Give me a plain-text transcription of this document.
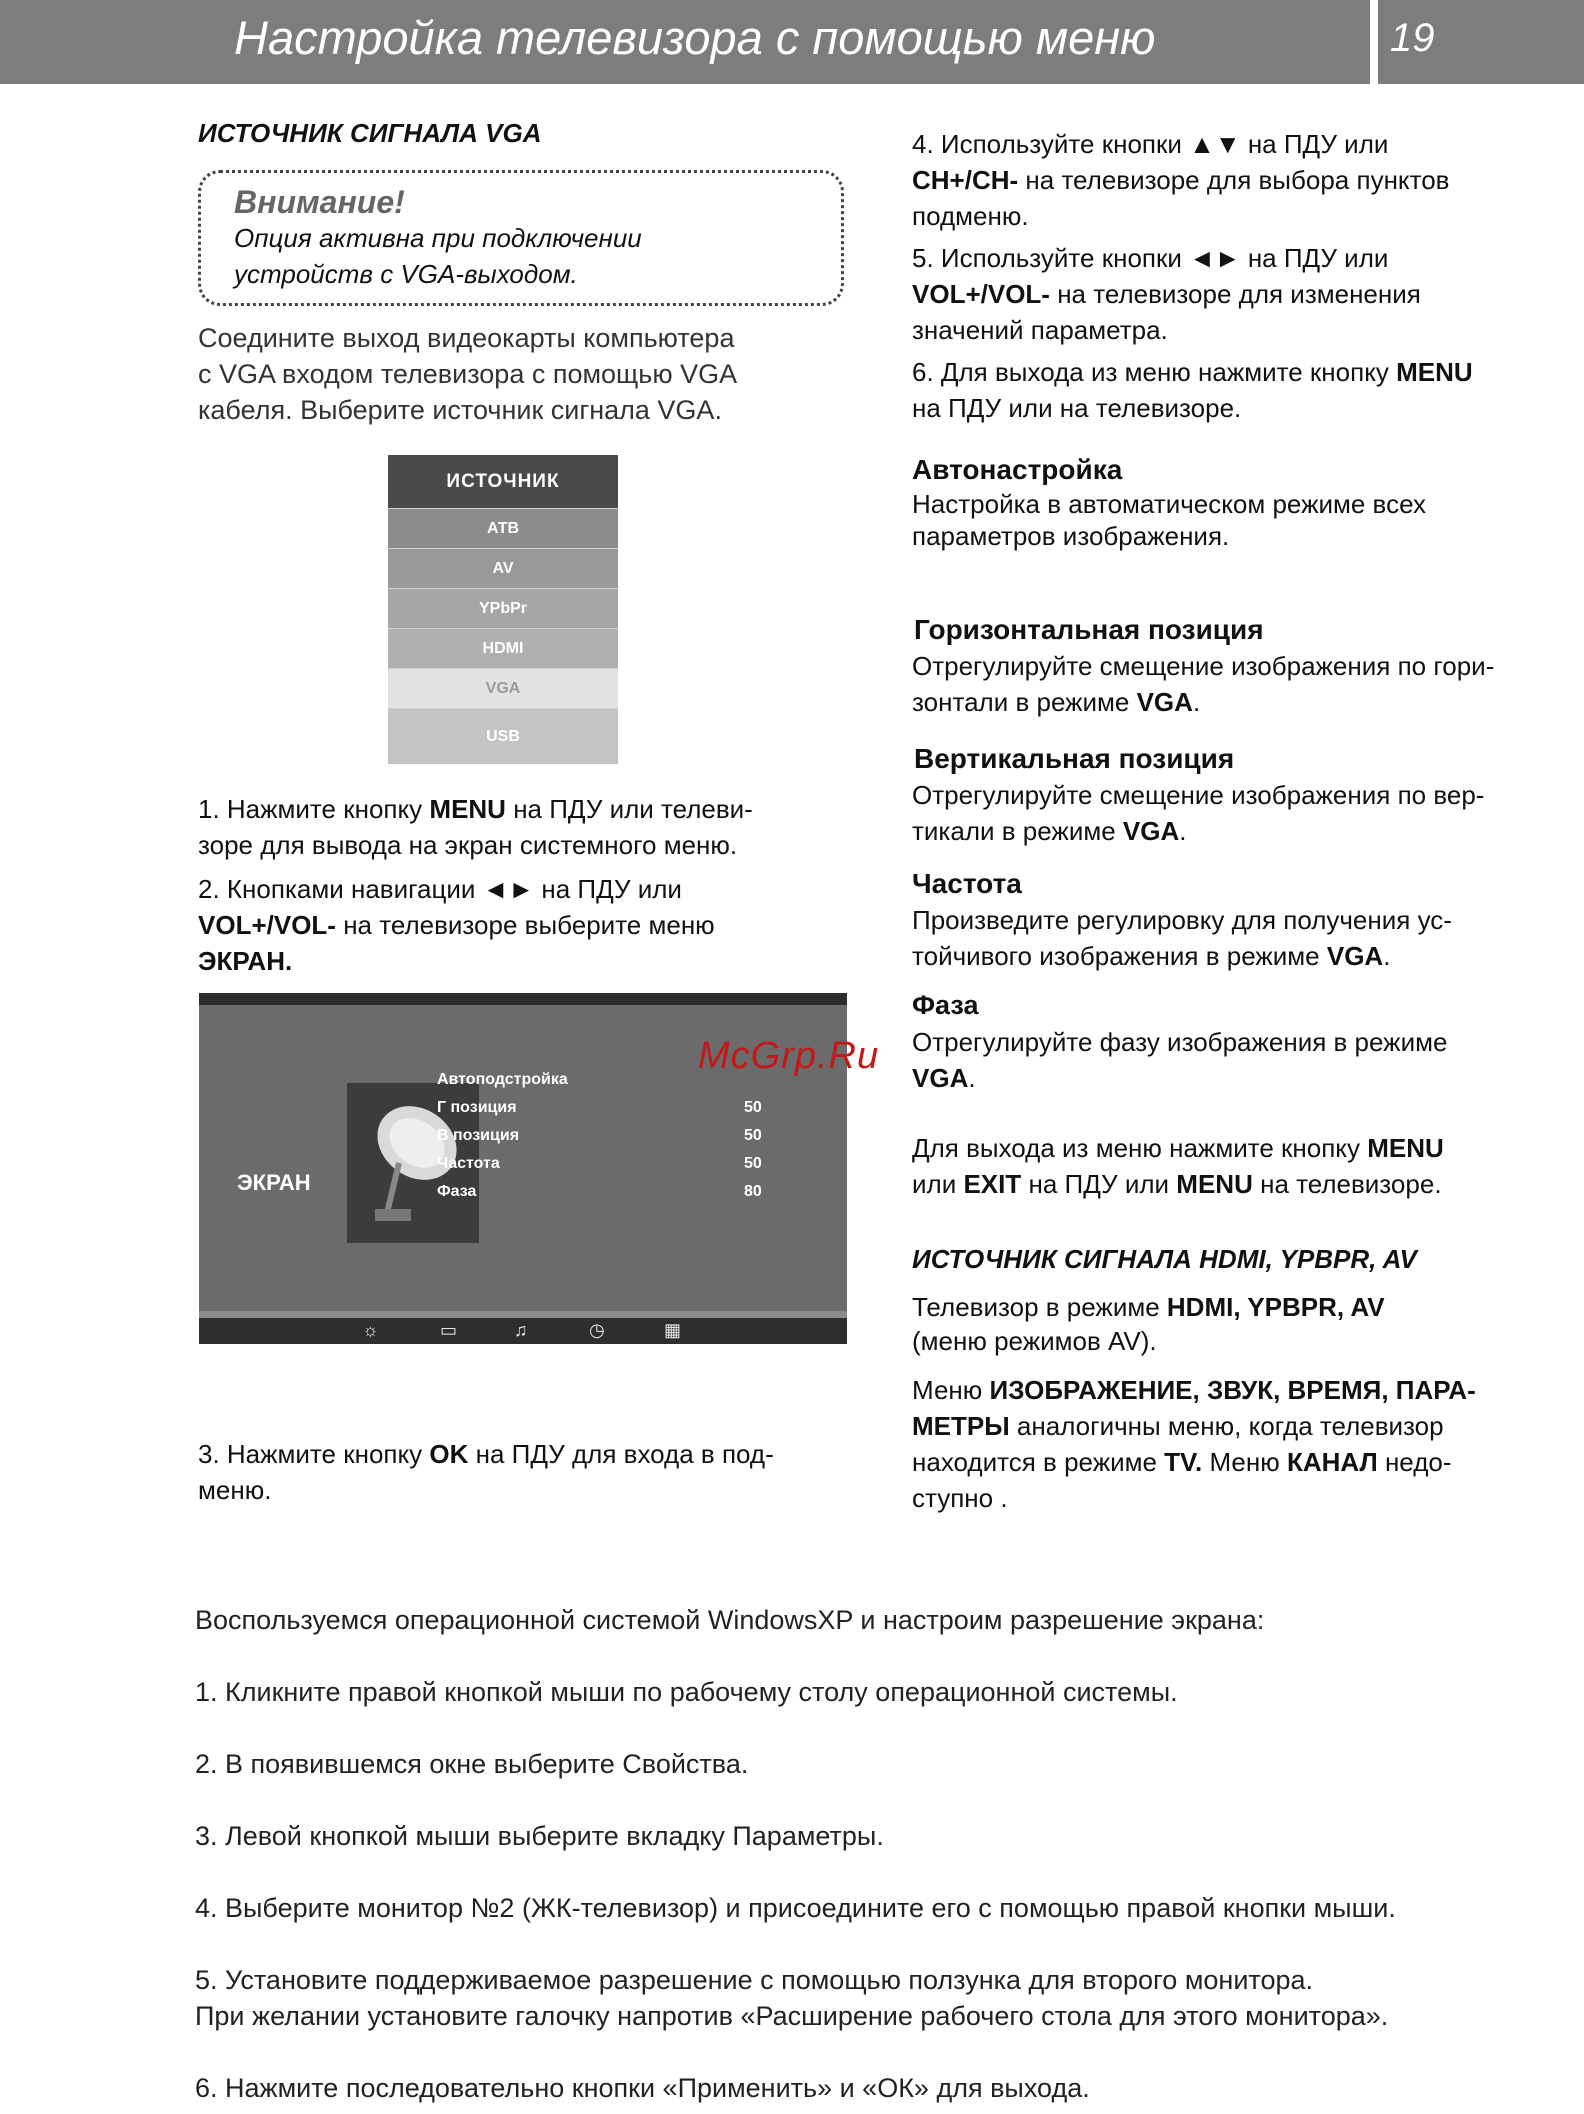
Настройка телевизора с помощью меню	19
ИСТОЧНИК СИГНАЛА VGA
Внимание!
Опция активна при подключении
устройств с VGA-выходом.
Соедините выход видеокарты компьютера
с VGA входом телевизора с помощью VGA
кабеля. Выберите источник сигнала VGA.
ИСТОЧНИК
АТВ
AV
YPbPr
HDMI
VGA
USB
1. Нажмите кнопку MENU на ПДУ или телеви-
зоре для вывода на экран системного меню.
2. Кнопками навигации ◄► на ПДУ или
VOL+/VOL- на телевизоре выберите меню
ЭКРАН.
ЭКРАН
Автоподстройка
Г позиция	50
В позиция	50
Частота	50
Фаза	80
☼	▭	♫	◷	▦
3. Нажмите кнопку OK на ПДУ для входа в под-
меню.
4. Используйте кнопки ▲▼ на ПДУ или
CH+/CH- на телевизоре для выбора пунктов
подменю.
5. Используйте кнопки ◄► на ПДУ или
VOL+/VOL- на телевизоре для изменения
значений параметра.
6. Для выхода из меню нажмите кнопку MENU
на ПДУ или на телевизоре.
Автонастройка
Настройка в автоматическом режиме всех
параметров изображения.
Горизонтальная позиция
Отрегулируйте смещение изображения по гори-
зонтали в режиме VGA.
Вертикальная позиция
Отрегулируйте смещение изображения по вер-
тикали в режиме VGA.
Частота
Произведите регулировку для получения ус-
тойчивого изображения в режиме VGA.
Фаза
Отрегулируйте фазу изображения в режиме
VGA.
McGrp.Ru
Для выхода из меню нажмите кнопку MENU
или EXIT на ПДУ или MENU на телевизоре.
ИСТОЧНИК СИГНАЛА HDMI, YPBPR, AV
Телевизор в режиме HDMI, YPBPR, AV
(меню режимов AV).
Меню ИЗОБРАЖЕНИЕ, ЗВУК, ВРЕМЯ, ПАРА-
МЕТРЫ аналогичны меню, когда телевизор
находится в режиме TV. Меню КАНАЛ недо-
ступно .
Воспользуемся операционной системой WindowsXP и настроим разрешение экрана:
1. Кликните правой кнопкой мыши по рабочему столу операционной системы.
2. В появившемся окне выберите Свойства.
3. Левой кнопкой мыши выберите вкладку Параметры.
4. Выберите монитор №2 (ЖК-телевизор) и присоедините его с помощью правой кнопки мыши.
5. Установите поддерживаемое разрешение с помощью ползунка для второго монитора.
При желании установите галочку напротив «Расширение рабочего стола для этого монитора».
6. Нажмите последовательно кнопки «Применить» и «ОК» для выхода.
